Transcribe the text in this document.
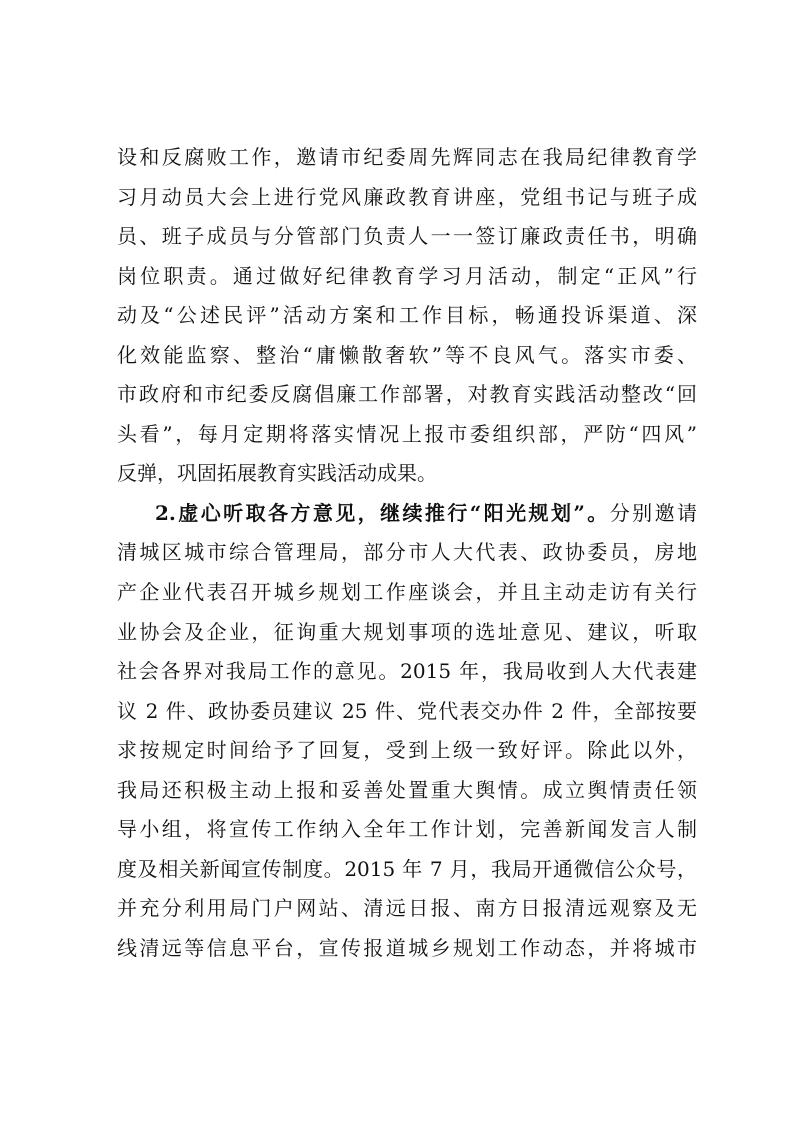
设和反腐败工作，邀请市纪委周先辉同志在我局纪律教育学
习月动员大会上进行党风廉政教育讲座，党组书记与班子成
员、班子成员与分管部门负责人一一签订廉政责任书，明确
岗位职责。通过做好纪律教育学习月活动，制定“正风”行
动及“公述民评”活动方案和工作目标，畅通投诉渠道、深
化效能监察、整治“庸懒散奢软”等不良风气。落实市委、
市政府和市纪委反腐倡廉工作部署，对教育实践活动整改“回
头看”，每月定期将落实情况上报市委组织部，严防“四风”
反弹，巩固拓展教育实践活动成果。
2.虚心听取各方意见，继续推行“阳光规划”。分别邀请
清城区城市综合管理局，部分市人大代表、政协委员，房地
产企业代表召开城乡规划工作座谈会，并且主动走访有关行
业协会及企业，征询重大规划事项的选址意见、建议，听取
社会各界对我局工作的意见。2015 年，我局收到人大代表建
议 2 件、政协委员建议 25 件、党代表交办件 2 件，全部按要
求按规定时间给予了回复，受到上级一致好评。除此以外，
我局还积极主动上报和妥善处置重大舆情。成立舆情责任领
导小组，将宣传工作纳入全年工作计划，完善新闻发言人制
度及相关新闻宣传制度。2015 年 7 月，我局开通微信公众号，
并充分利用局门户网站、清远日报、南方日报清远观察及无
线清远等信息平台，宣传报道城乡规划工作动态，并将城市
